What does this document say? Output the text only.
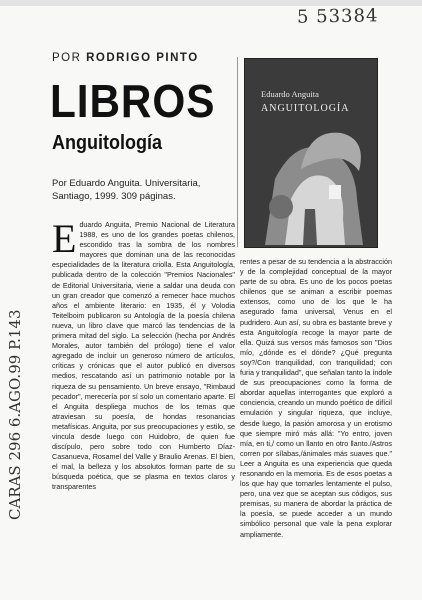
5 53384
CARAS 296 6.AGO.99 P.143
POR RODRIGO PINTO
LIBROS
Anguitología
Por Eduardo Anguita. Universitaria, Santiago, 1999. 309 páginas.
Eduardo Anguita
ANGUITOLOGÍA
E duardo Anguita, Premio Nacional de Literatura 1988, es uno de los grandes poetas chilenos, escondido tras la sombra de los nombres mayores que dominan una de las reconocidas especialidades de la literatura criolla. Esta Anguitología, publicada dentro de la colección "Premios Nacionales" de Editorial Universitaria, viene a saldar una deuda con un gran creador que comenzó a remecer hace muchos años el ambiente literario: en 1935, él y Volodia Teitelboim publicaron su Antología de la poesía chilena nueva, un libro clave que marcó las tendencias de la primera mitad del siglo. La selección (hecha por Andrés Morales, autor también del prólogo) tiene el valor agregado de incluir un generoso número de artículos, críticas y crónicas que el autor publicó en diversos medios, rescatando así un patrimonio notable por la riqueza de su pensamiento. Un breve ensayo, "Rimbaud pecador", merecería por sí solo un comentario aparte. El el Anguita despliega muchos de los temas que atraviesan su poesía, de hondas resonancias metafísicas. Anguita, por sus preocupaciones y estilo, se vincula desde luego con Huidobro, de quien fue discípulo, pero sobre todo con Humberto Díaz-Casanueva, Rosamel del Valle y Braulio Arenas. El bien, el mal, la belleza y los absolutos forman parte de su búsqueda poética, que se plasma en textos claros y transparentes
rentes a pesar de su tendencia a la abstracción y de la complejidad conceptual de la mayor parte de su obra. Es uno de los pocos poetas chilenos que se animan a escribir poemas extensos, como uno de los que le ha asegurado fama universal, Venus en el pudridero. Aun así, su obra es bastante breve y esta Anguitología recoge la mayor parte de ella. Quizá sus versos más famosos son "Dios mío, ¿dónde es el dónde? ¿Qué pregunta soy?/Con tranquilidad, con tranquilidad; con furia y tranquilidad", que señalan tanto la índole de sus preocupaciones como la forma de abordar aquellas interrogantes que exploró a conciencia, creando un mundo poético de difícil emulación y singular riqueza, que incluye, desde luego, la pasión amorosa y un erotismo que siempre miró más allá: "Yo entro, joven mía, en ti,/ como un llanto en otro llanto./Astros corren por sílabas,/ánimales más suaves que." Leer a Anguita es una experiencia que queda resonando en la memoria. Es de esos poetas a los que hay que tornarles lentamente el pulso, pero, una vez que se aceptan sus códigos, sus premisas, su manera de abordar la práctica de la poesía, se puede acceder a un mundo simbólico personal que vale la pena explorar ampliamente.
